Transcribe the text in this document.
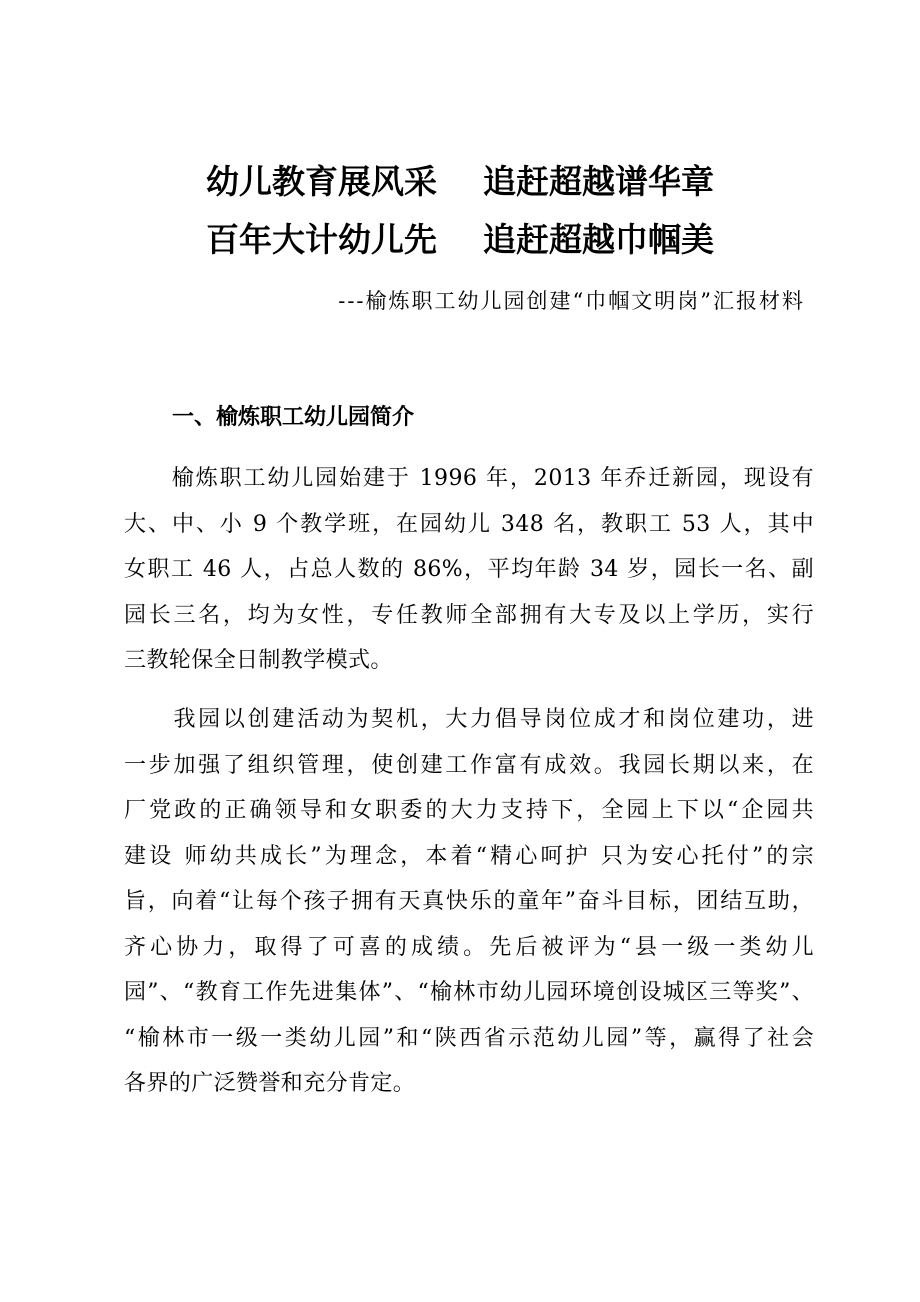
幼儿教育展风采    追赶超越谱华章
百年大计幼儿先    追赶超越巾帼美
---榆炼职工幼儿园创建“巾帼文明岗”汇报材料
一、榆炼职工幼儿园简介
　　榆炼职工幼儿园始建于 1996 年，2013 年乔迁新园，现设有
大、中、小 9 个教学班，在园幼儿 348 名，教职工 53 人，其中
女职工 46 人，占总人数的 86%，平均年龄 34 岁，园长一名、副
园长三名，均为女性，专任教师全部拥有大专及以上学历，实行
三教轮保全日制教学模式。
　　我园以创建活动为契机，大力倡导岗位成才和岗位建功，进
一步加强了组织管理，使创建工作富有成效。我园长期以来，在
厂党政的正确领导和女职委的大力支持下，全园上下以“企园共
建设 师幼共成长”为理念，本着“精心呵护 只为安心托付”的宗
旨，向着“让每个孩子拥有天真快乐的童年”奋斗目标，团结互助，
齐心协力，取得了可喜的成绩。先后被评为“县一级一类幼儿
园”、“教育工作先进集体”、“榆林市幼儿园环境创设城区三等奖”、
“榆林市一级一类幼儿园”和“陕西省示范幼儿园”等，赢得了社会
各界的广泛赞誉和充分肯定。
